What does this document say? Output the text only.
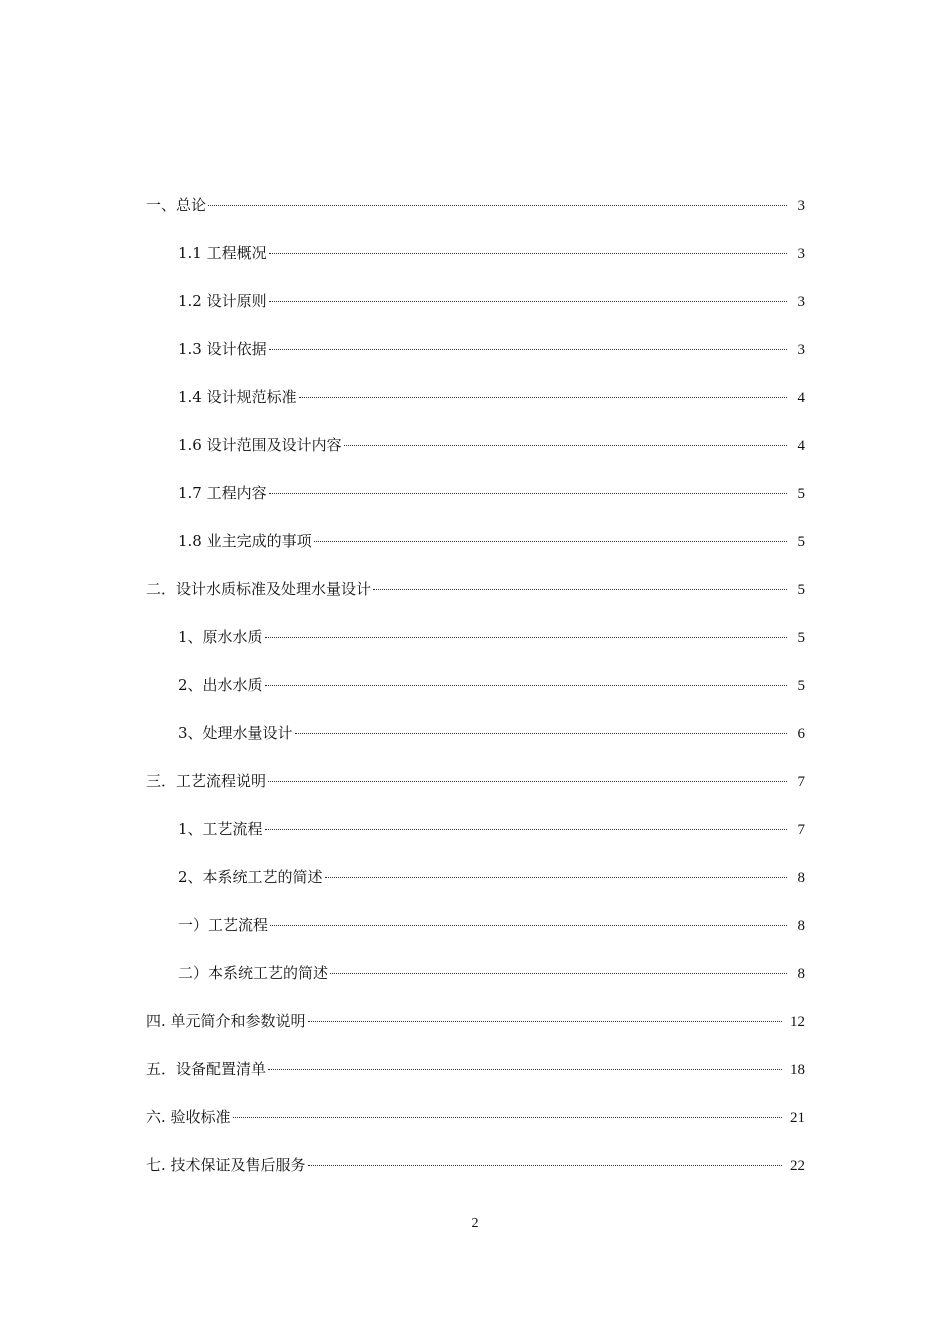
一、总论	3
1.1 工程概况	3
1.2 设计原则	3
1.3 设计依据	3
1.4 设计规范标准	4
1.6 设计范围及设计内容	4
1.7 工程内容	5
1.8 业主完成的事项	5
二．设计水质标准及处理水量设计	5
1、原水水质	5
2、出水水质	5
3、处理水量设计	6
三．工艺流程说明	7
1、工艺流程	7
2、本系统工艺的简述	8
一）工艺流程	8
二）本系统工艺的简述	8
四. 单元简介和参数说明	12
五．设备配置清单	18
六. 验收标准	21
七. 技术保证及售后服务	22
2
